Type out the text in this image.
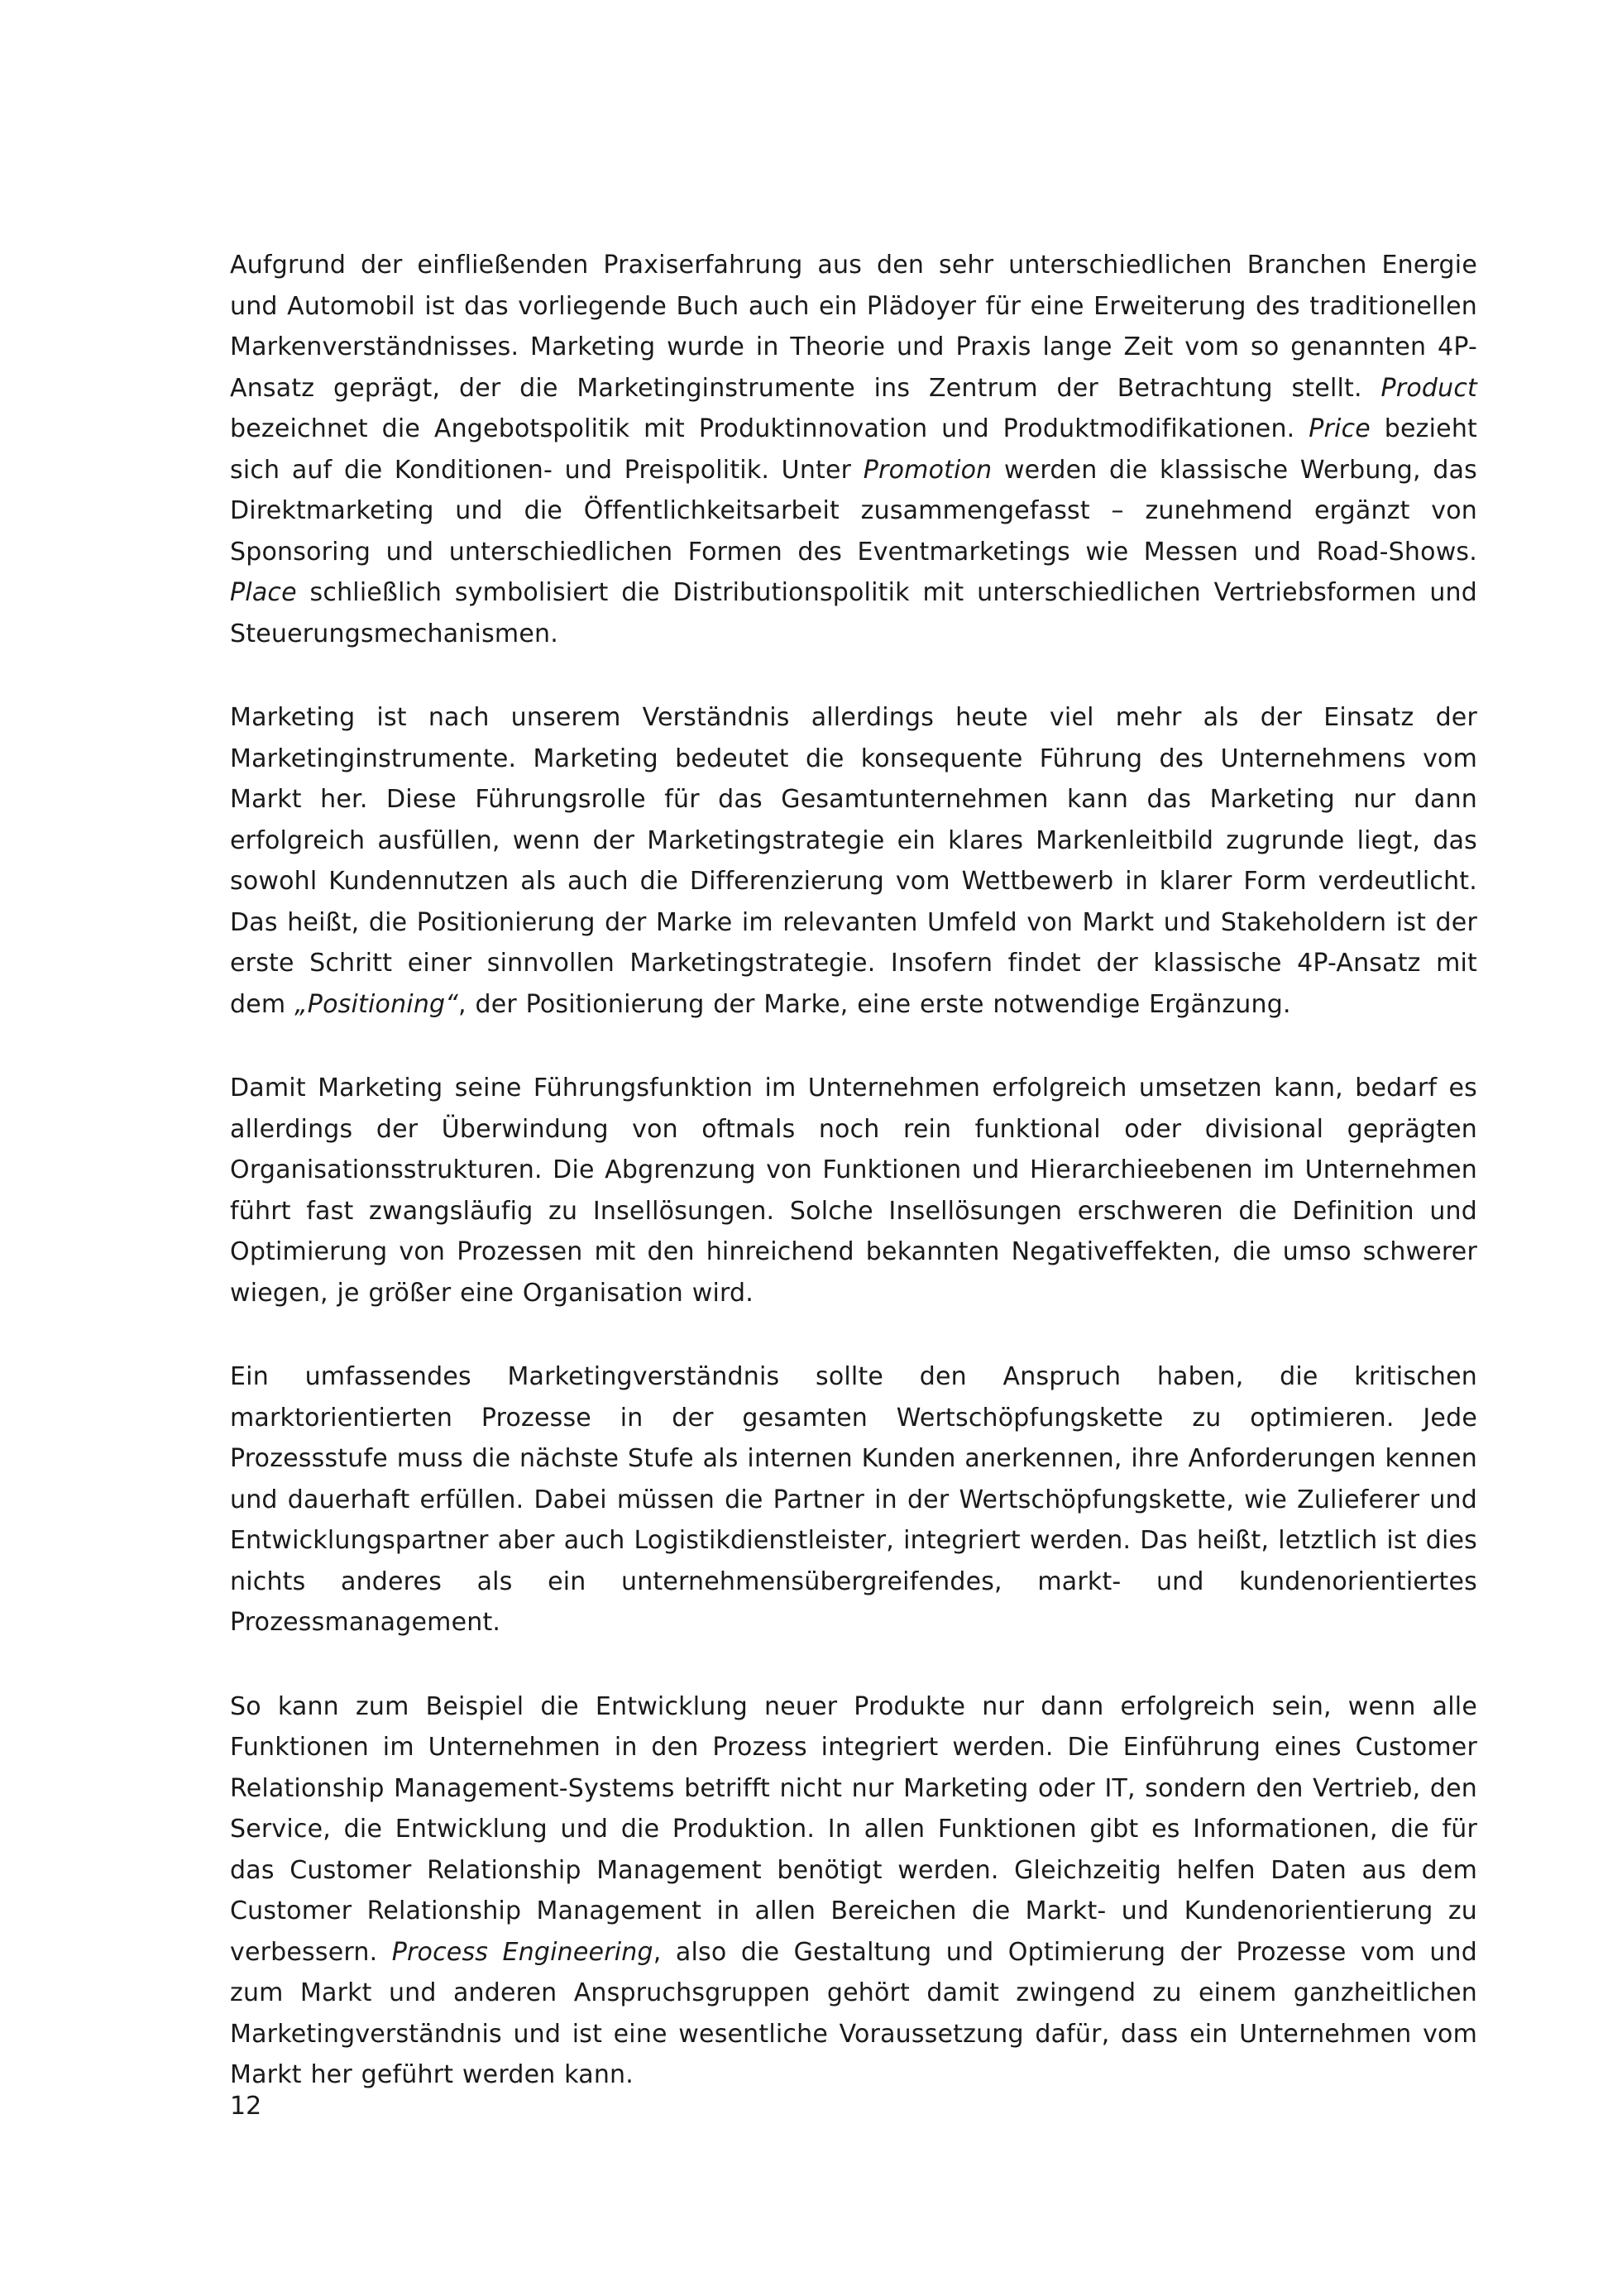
Aufgrund der einfließenden Praxiserfahrung aus den sehr unterschiedlichen Branchen Energie und Automobil ist das vorliegende Buch auch ein Plädoyer für eine Erweiterung des traditionellen Markenverständnisses. Marketing wurde in Theorie und Praxis lange Zeit vom so genannten 4P-Ansatz geprägt, der die Marketinginstrumente ins Zentrum der Betrachtung stellt. Product bezeichnet die Angebotspolitik mit Produktinnovation und Produktmodifikationen. Price bezieht sich auf die Konditionen- und Preispolitik. Unter Promotion werden die klassische Werbung, das Direktmarketing und die Öffentlichkeitsarbeit zusammengefasst – zunehmend ergänzt von Sponsoring und unterschiedlichen Formen des Eventmarketings wie Messen und Road-Shows. Place schließlich symbolisiert die Distributionspolitik mit unterschiedlichen Vertriebsformen und Steuerungsmechanismen.

Marketing ist nach unserem Verständnis allerdings heute viel mehr als der Einsatz der Marketinginstrumente. Marketing bedeutet die konsequente Führung des Unternehmens vom Markt her. Diese Führungsrolle für das Gesamtunternehmen kann das Marketing nur dann erfolgreich ausfüllen, wenn der Marketingstrategie ein klares Markenleitbild zugrunde liegt, das sowohl Kundennutzen als auch die Differenzierung vom Wettbewerb in klarer Form verdeutlicht. Das heißt, die Positionierung der Marke im relevanten Umfeld von Markt und Stakeholdern ist der erste Schritt einer sinnvollen Marketingstrategie. Insofern findet der klassische 4P-Ansatz mit dem „Positioning“, der Positionierung der Marke, eine erste notwendige Ergänzung.

Damit Marketing seine Führungsfunktion im Unternehmen erfolgreich umsetzen kann, bedarf es allerdings der Überwindung von oftmals noch rein funktional oder divisional geprägten Organisationsstrukturen. Die Abgrenzung von Funktionen und Hierarchieebenen im Unternehmen führt fast zwangsläufig zu Insellösungen. Solche Insellösungen erschweren die Definition und Optimierung von Prozessen mit den hinreichend bekannten Negativeffekten, die umso schwerer wiegen, je größer eine Organisation wird.

Ein umfassendes Marketingverständnis sollte den Anspruch haben, die kritischen marktorientierten Prozesse in der gesamten Wertschöpfungskette zu optimieren. Jede Prozessstufe muss die nächste Stufe als internen Kunden anerkennen, ihre Anforderungen kennen und dauerhaft erfüllen. Dabei müssen die Partner in der Wertschöpfungskette, wie Zulieferer und Entwicklungspartner aber auch Logistikdienstleister, integriert werden. Das heißt, letztlich ist dies nichts anderes als ein unternehmensübergreifendes, markt- und kundenorientiertes Prozessmanagement.

So kann zum Beispiel die Entwicklung neuer Produkte nur dann erfolgreich sein, wenn alle Funktionen im Unternehmen in den Prozess integriert werden. Die Einführung eines Customer Relationship Management-Systems betrifft nicht nur Marketing oder IT, sondern den Vertrieb, den Service, die Entwicklung und die Produktion. In allen Funktionen gibt es Informationen, die für das Customer Relationship Management benötigt werden. Gleichzeitig helfen Daten aus dem Customer Relationship Management in allen Bereichen die Markt- und Kundenorientierung zu verbessern. Process Engineering, also die Gestaltung und Optimierung der Prozesse vom und zum Markt und anderen Anspruchsgruppen gehört damit zwingend zu einem ganzheitlichen Marketingverständnis und ist eine wesentliche Voraussetzung dafür, dass ein Unternehmen vom Markt her geführt werden kann.

12
